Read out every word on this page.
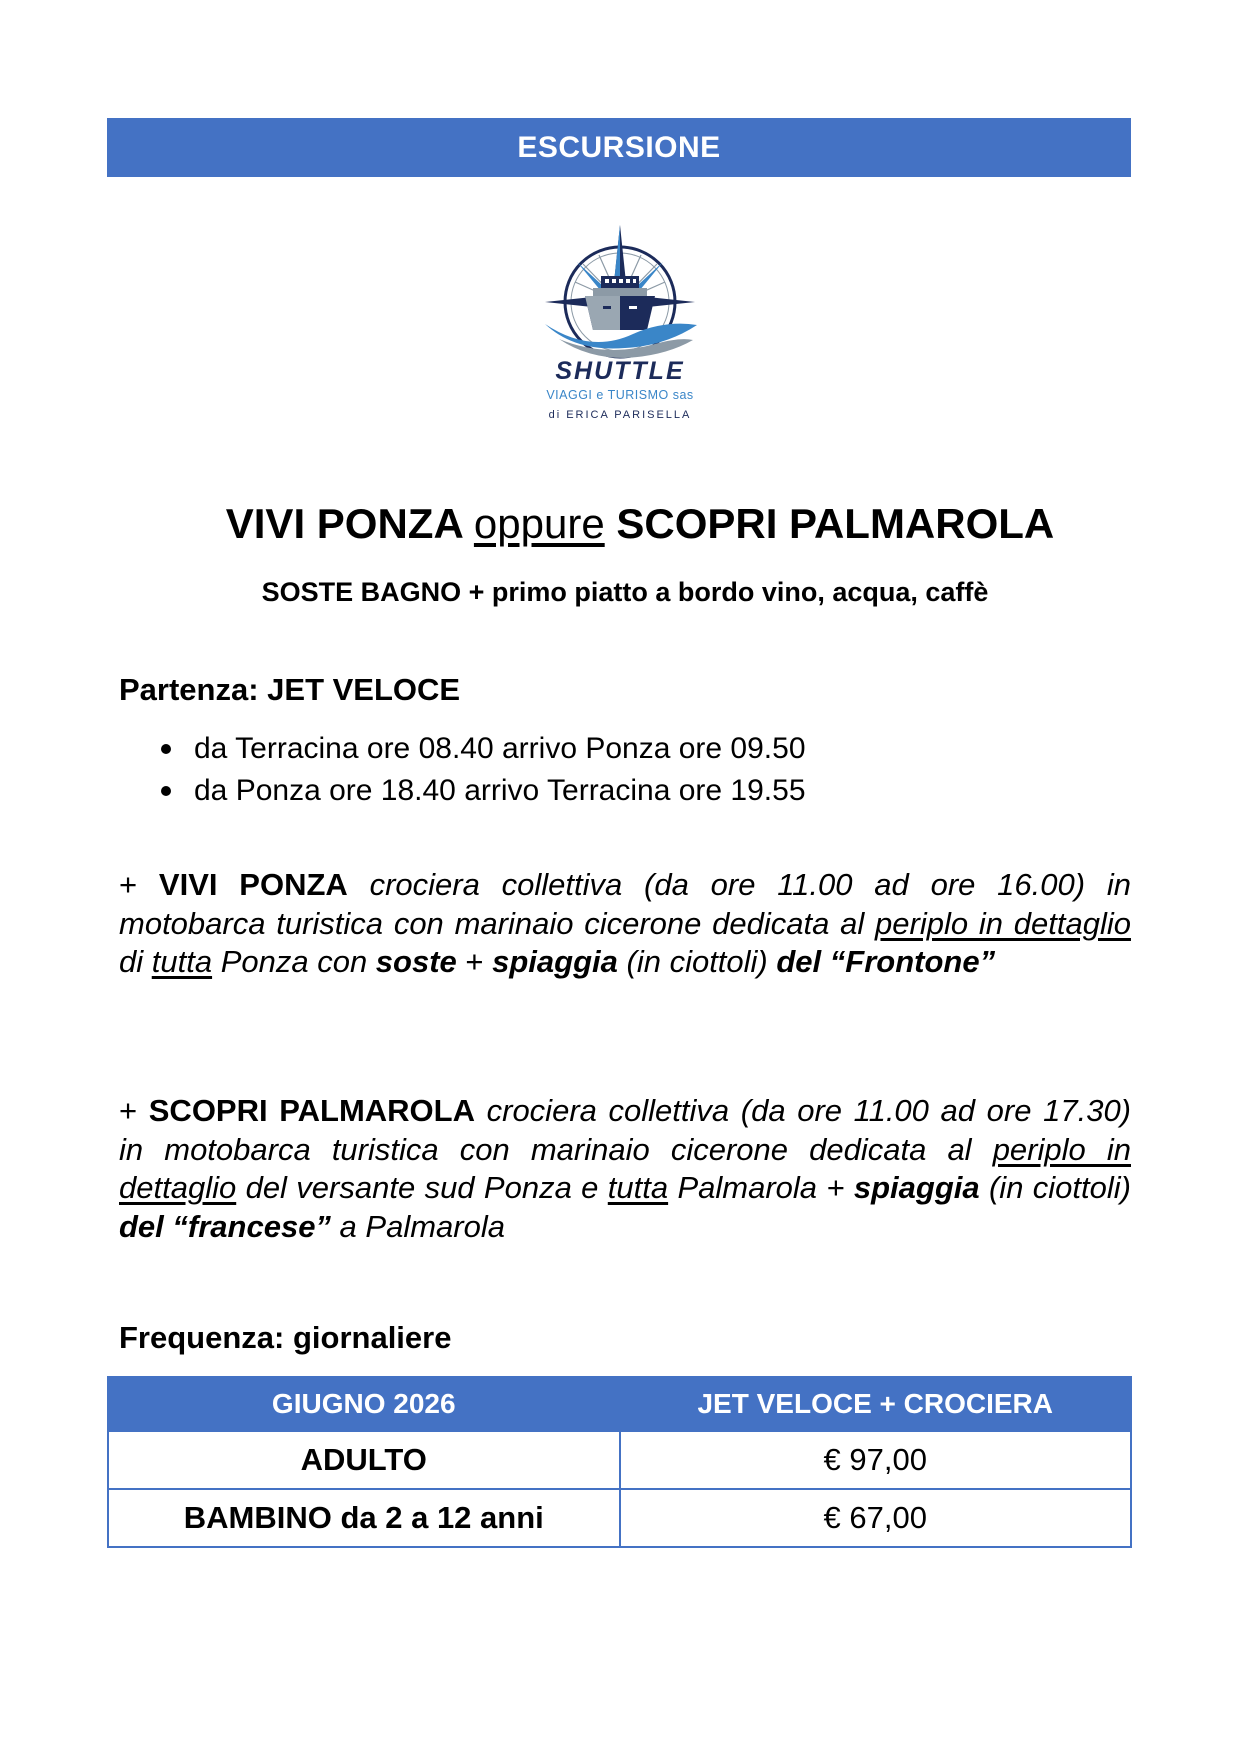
ESCURSIONE
SHUTTLE
VIAGGI e TURISMO sas
di ERICA PARISELLA
VIVI PONZA oppure SCOPRI PALMAROLA
SOSTE BAGNO + primo piatto a bordo vino, acqua, caffè
Partenza: JET VELOCE
da Terracina ore 08.40 arrivo Ponza ore 09.50
da Ponza ore 18.40 arrivo Terracina ore 19.55
+ VIVI PONZA crociera collettiva (da ore 11.00 ad ore 16.00) in motobarca turistica con marinaio cicerone dedicata al periplo in dettaglio di tutta Ponza con soste + spiaggia (in ciottoli) del “Frontone”
+ SCOPRI PALMAROLA crociera collettiva (da ore 11.00 ad ore 17.30) in motobarca turistica con marinaio cicerone dedicata al periplo in dettaglio del versante sud Ponza e tutta Palmarola + spiaggia (in ciottoli) del “francese” a Palmarola
Frequenza: giornaliere
GIUGNO 2026	JET VELOCE + CROCIERA
ADULTO	€ 97,00
BAMBINO da 2 a 12 anni	€ 67,00
